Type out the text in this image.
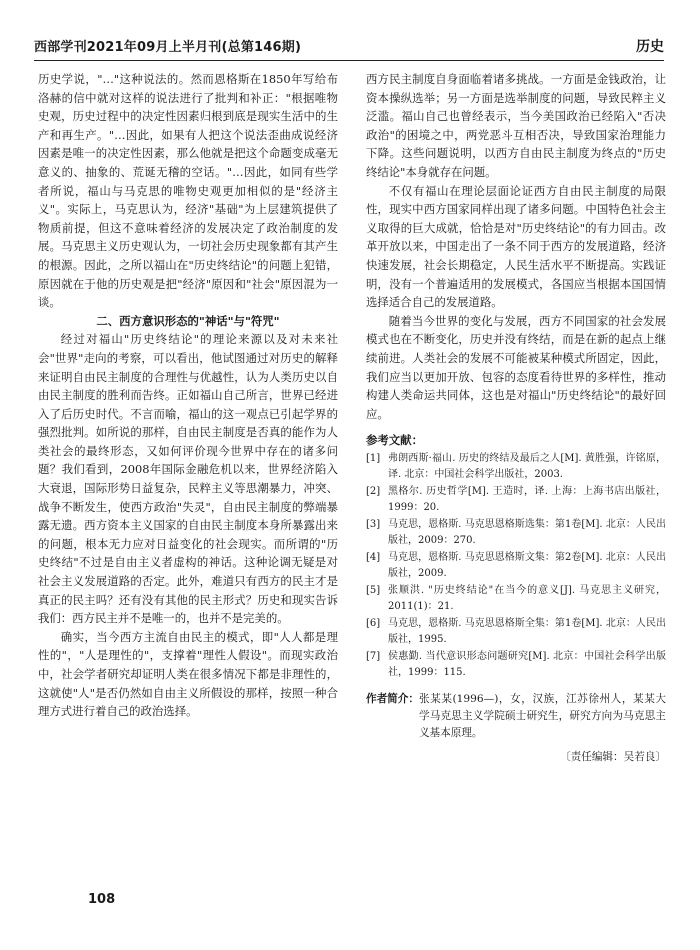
西部学刊2021年09月上半月刊(总第146期)	历史

历史学说，"…"这种说法的。然而恩格斯在1850年写给布洛赫的信中就对这样的说法进行了批判和补正："根据唯物史观，历史过程中的决定性因素归根到底是现实生活中的生产和再生产。"…因此，如果有人把这个说法歪曲成说经济因素是唯一的决定性因素，那么他就是把这个命题变成毫无意义的、抽象的、荒诞无稽的空话。"…因此，如同有些学者所说，福山与马克思的唯物史观更加相似的是"经济主义"。实际上，马克思认为，经济"基础"为上层建筑提供了物质前提，但这不意味着经济的发展决定了政治制度的发展。马克思主义历史观认为，一切社会历史现象都有其产生的根源。因此，之所以福山在"历史终结论"的问题上犯错，原因就在于他的历史观是把"经济"原因和"社会"原因混为一谈。

二、西方意识形态的"神话"与"符咒"

经过对福山"历史终结论"的理论来源以及对未来社会"世界"走向的考察，可以看出，他试图通过对历史的解释来证明自由民主制度的合理性与优越性，认为人类历史以自由民主制度的胜利而告终。正如福山自己所言，世界已经进入了后历史时代。不言而喻，福山的这一观点已引起学界的强烈批判。如所说的那样，自由民主制度是否真的能作为人类社会的最终形态，又如何评价现今世界中存在的诸多问题？我们看到，2008年国际金融危机以来，世界经济陷入大衰退，国际形势日益复杂，民粹主义等思潮暴力，冲突、战争不断发生，使西方政治"失灵"，自由民主制度的弊端暴露无遗。西方资本主义国家的自由民主制度本身所暴露出来的问题，根本无力应对日益变化的社会现实。而所谓的"历史终结"不过是自由主义者虚构的神话。这种论调无疑是对社会主义发展道路的否定。此外，难道只有西方的民主才是真正的民主吗？还有没有其他的民主形式？历史和现实告诉我们：西方民主并不是唯一的，也并不是完美的。

确实，当今西方主流自由民主的模式，即"人人都是理性的"，"人是理性的"，支撑着"理性人假设"。而现实政治中，社会学者研究却证明人类在很多情况下都是非理性的，这就使"人"是否仍然如自由主义所假设的那样，按照一种合理方式进行着自己的政治选择。

西方民主制度自身面临着诸多挑战。一方面是金钱政治，让资本操纵选举；另一方面是选举制度的问题，导致民粹主义泛滥。福山自己也曾经表示，当今美国政治已经陷入"否决政治"的困境之中，两党恶斗互相否决，导致国家治理能力下降。这些问题说明，以西方自由民主制度为终点的"历史终结论"本身就存在问题。

不仅有福山在理论层面论证西方自由民主制度的局限性，现实中西方国家同样出现了诸多问题。中国特色社会主义取得的巨大成就，恰恰是对"历史终结论"的有力回击。改革开放以来，中国走出了一条不同于西方的发展道路，经济快速发展，社会长期稳定，人民生活水平不断提高。实践证明，没有一个普遍适用的发展模式，各国应当根据本国国情选择适合自己的发展道路。

随着当今世界的变化与发展，西方不同国家的社会发展模式也在不断变化，历史并没有终结，而是在新的起点上继续前进。人类社会的发展不可能被某种模式所固定，因此，我们应当以更加开放、包容的态度看待世界的多样性，推动构建人类命运共同体，这也是对福山"历史终结论"的最好回应。

参考文献：

[1] 弗朗西斯·福山. 历史的终结及最后之人[M]. 黄胜强，许铭原，译. 北京：中国社会科学出版社，2003.
[2] 黑格尔. 历史哲学[M]. 王造时，译. 上海：上海书店出版社，1999：20.
[3] 马克思，恩格斯. 马克思恩格斯选集：第1卷[M]. 北京：人民出版社，2009：270.
[4] 马克思，恩格斯. 马克思恩格斯文集：第2卷[M]. 北京：人民出版社，2009.
[5] 张顺洪. "历史终结论"在当今的意义[J]. 马克思主义研究，2011(1)：21.
[6] 马克思，恩格斯. 马克思恩格斯全集：第1卷[M]. 北京：人民出版社，1995.
[7] 侯惠勤. 当代意识形态问题研究[M]. 北京：中国社会科学出版社，1999：115.
作者简介： 张某某(1996—)，女，汉族，江苏徐州人，某某大学马克思主义学院硕士研究生，研究方向为马克思主义基本原理。
〔责任编辑：吴若良〕
108
